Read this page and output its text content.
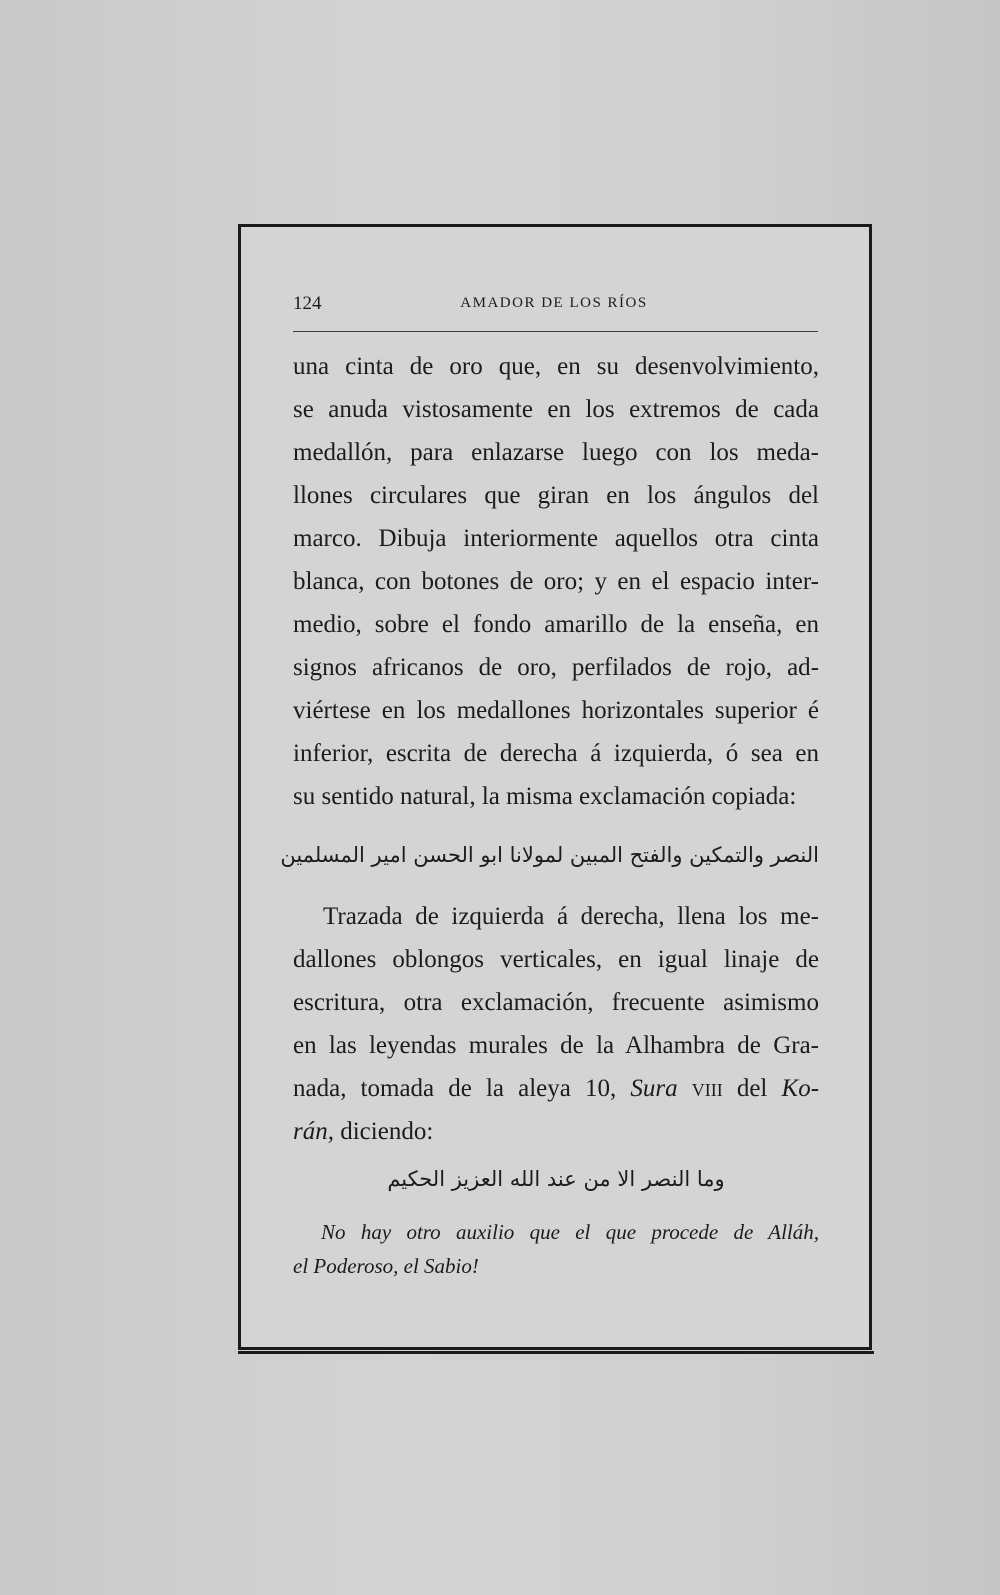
124	AMADOR DE LOS RÍOS
una cinta de oro que, en su desenvolvimiento,
se anuda vistosamente en los extremos de cada
medallón, para enlazarse luego con los meda-
llones circulares que giran en los ángulos del
marco. Dibuja interiormente aquellos otra cinta
blanca, con botones de oro; y en el espacio inter-
medio, sobre el fondo amarillo de la enseña, en
signos africanos de oro, perfilados de rojo, ad-
viértese en los medallones horizontales superior é
inferior, escrita de derecha á izquierda, ó sea en
su sentido natural, la misma exclamación copiada:
النصر والتمكين والفتح المبين لمولانا ابو الحسن امير المسلمين
Trazada de izquierda á derecha, llena los me-
dallones oblongos verticales, en igual linaje de
escritura, otra exclamación, frecuente asimismo
en las leyendas murales de la Alhambra de Gra-
nada, tomada de la aleya 10, Sura viii del Ko-
rán, diciendo:
وما النصر الا من عند الله العزيز الحكيم
No hay otro auxilio que el que procede de Alláh,
el Poderoso, el Sabio!
